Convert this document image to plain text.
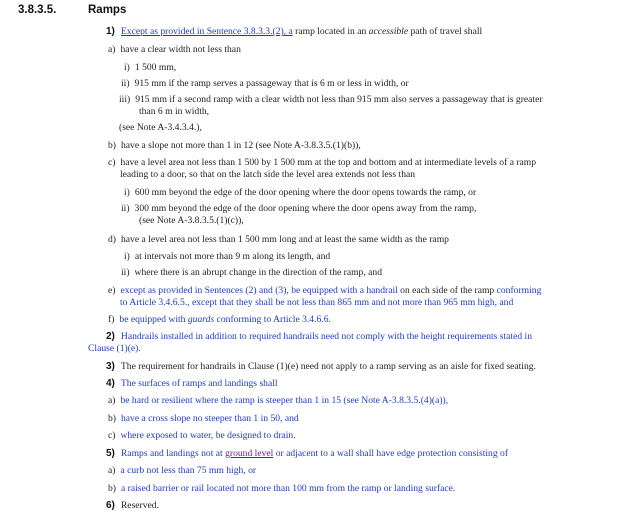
3.8.3.5.	Ramps
1) Except as provided in Sentence 3.8.3.3.(2), a ramp located in an accessible path of travel shall
a) have a clear width not less than
i) 1 500 mm,
ii) 915 mm if the ramp serves a passageway that is 6 m or less in width, or
iii) 915 mm if a second ramp with a clear width not less than 915 mm also serves a passageway that is greater
than 6 m in width,
(see Note A-3.4.3.4.),
b) have a slope not more than 1 in 12 (see Note A-3.8.3.5.(1)(b)),
c) have a level area not less than 1 500 by 1 500 mm at the top and bottom and at intermediate levels of a ramp
leading to a door, so that on the latch side the level area extends not less than
i) 600 mm beyond the edge of the door opening where the door opens towards the ramp, or
ii) 300 mm beyond the edge of the door opening where the door opens away from the ramp,
(see Note A-3.8.3.5.(1)(c)),
d) have a level area not less than 1 500 mm long and at least the same width as the ramp
i) at intervals not more than 9 m along its length, and
ii) where there is an abrupt change in the direction of the ramp, and
e) except as provided in Sentences (2) and (3), be equipped with a handrail on each side of the ramp conforming
to Article 3.4.6.5., except that they shall be not less than 865 mm and not more than 965 mm high, and
f) be equipped with guards conforming to Article 3.4.6.6.
2) Handrails installed in addition to required handrails need not comply with the height requirements stated in
Clause (1)(e).
3) The requirement for handrails in Clause (1)(e) need not apply to a ramp serving as an aisle for fixed seating.
4) The surfaces of ramps and landings shall
a) be hard or resilient where the ramp is steeper than 1 in 15 (see Note A-3.8.3.5.(4)(a)),
b) have a cross slope no steeper than 1 in 50, and
c) where exposed to water, be designed to drain.
5) Ramps and landings not at ground level or adjacent to a wall shall have edge protection consisting of
a) a curb not less than 75 mm high, or
b) a raised barrier or rail located not more than 100 mm from the ramp or landing surface.
6) Reserved.
